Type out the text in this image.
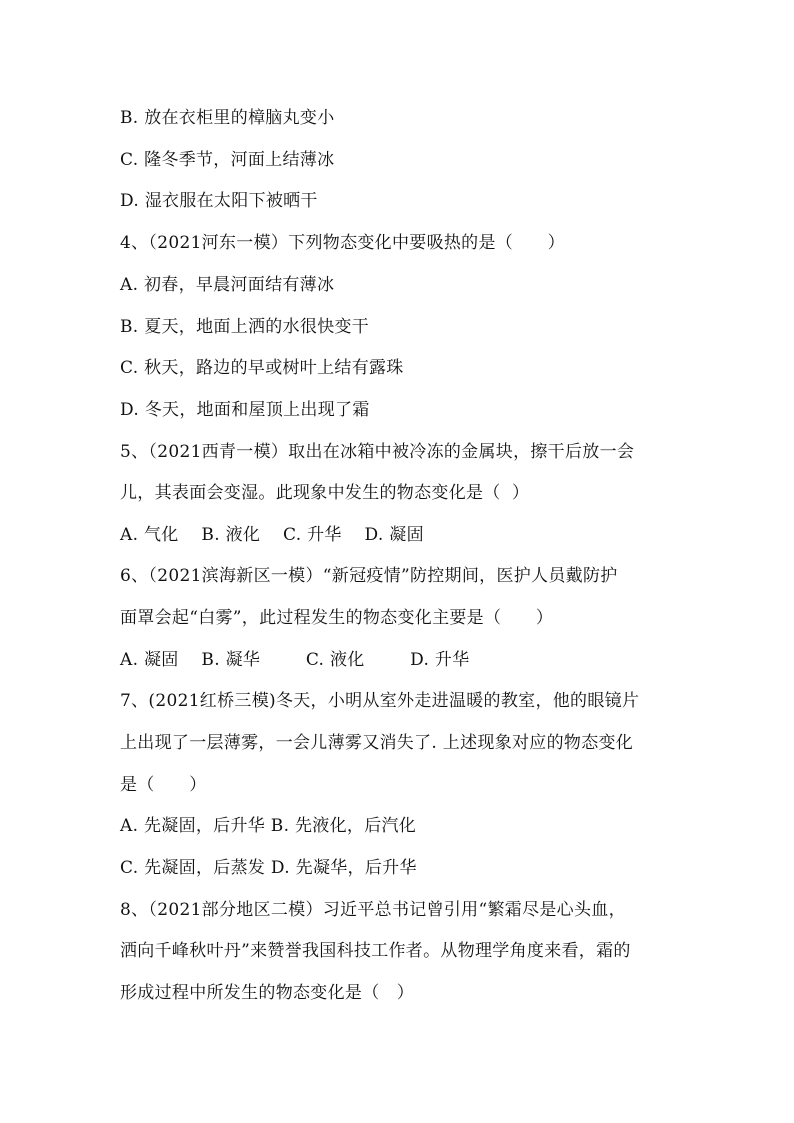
B. 放在衣柜里的樟脑丸变小
C. 隆冬季节，河面上结薄冰
D. 湿衣服在太阳下被晒干
4、（2021河东一模）下列物态变化中要吸热的是（　　）
A. 初春，早晨河面结有薄冰
B. 夏天，地面上洒的水很快变干
C. 秋天，路边的早或树叶上结有露珠
D. 冬天，地面和屋顶上出现了霜
5、（2021西青一模）取出在冰箱中被冷冻的金属块，擦干后放一会
儿，其表面会变湿。此现象中发生的物态变化是（  ）
A. 气化    B. 液化    C. 升华    D. 凝固
6、（2021滨海新区一模）“新冠疫情”防控期间，医护人员戴防护
面罩会起“白雾”，此过程发生的物态变化主要是（　　）
A. 凝固    B. 凝华        C. 液化        D. 升华
7、(2021红桥三模)冬天，小明从室外走进温暖的教室，他的眼镜片
上出现了一层薄雾，一会儿薄雾又消失了. 上述现象对应的物态变化
是（　　）
A. 先凝固，后升华 B. 先液化，后汽化
C. 先凝固，后蒸发 D. 先凝华，后升华
8、（2021部分地区二模）习近平总书记曾引用“繁霜尽是心头血，
洒向千峰秋叶丹”来赞誉我国科技工作者。从物理学角度来看，霜的
形成过程中所发生的物态变化是（　）
